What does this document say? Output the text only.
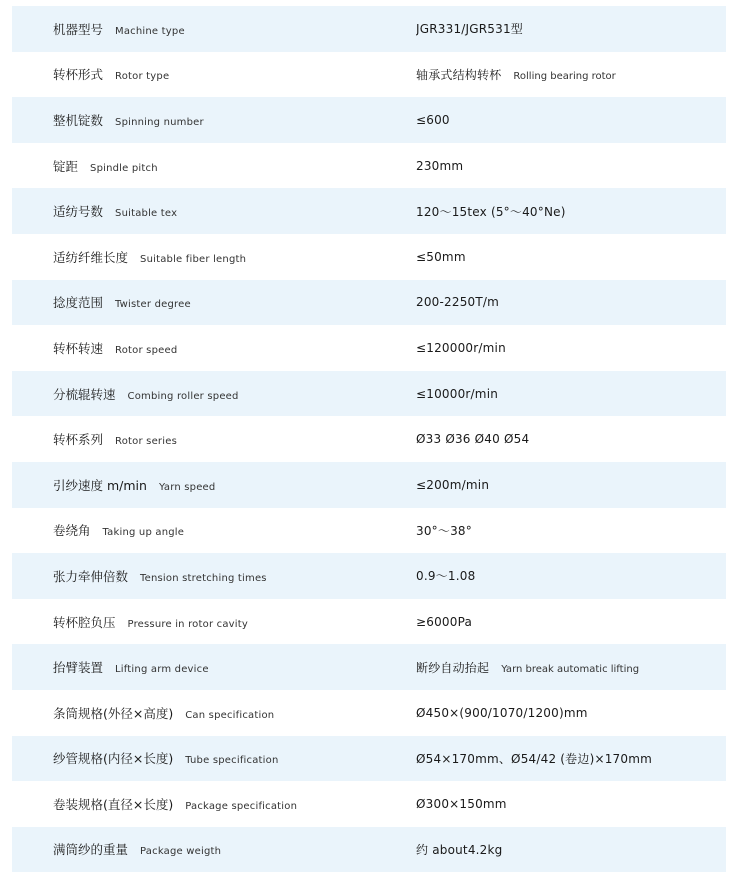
机器型号 Machine type	JGR331/JGR531型
转杯形式 Rotor type	轴承式结构转杯 Rolling bearing rotor
整机锭数 Spinning number	≤600
锭距 Spindle pitch	230mm
适纺号数 Suitable tex	120～15tex (5°～40°Ne)
适纺纤维长度 Suitable fiber length	≤50mm
捻度范围 Twister degree	200-2250T/m
转杯转速 Rotor speed	≤120000r/min
分梳辊转速 Combing roller speed	≤10000r/min
转杯系列 Rotor series	Ø33 Ø36 Ø40 Ø54
引纱速度 m/min Yarn speed	≤200m/min
卷绕角 Taking up angle	30°～38°
张力牵伸倍数 Tension stretching times	0.9～1.08
转杯腔负压 Pressure in rotor cavity	≥6000Pa
抬臂装置 Lifting arm device	断纱自动抬起 Yarn break automatic lifting
条筒规格(外径×高度) Can specification	Ø450×(900/1070/1200)mm
纱管规格(内径×长度) Tube specification	Ø54×170mm、Ø54/42 (卷边)×170mm
卷装规格(直径×长度) Package specification	Ø300×150mm
满筒纱的重量 Package weigth	约 about4.2kg
